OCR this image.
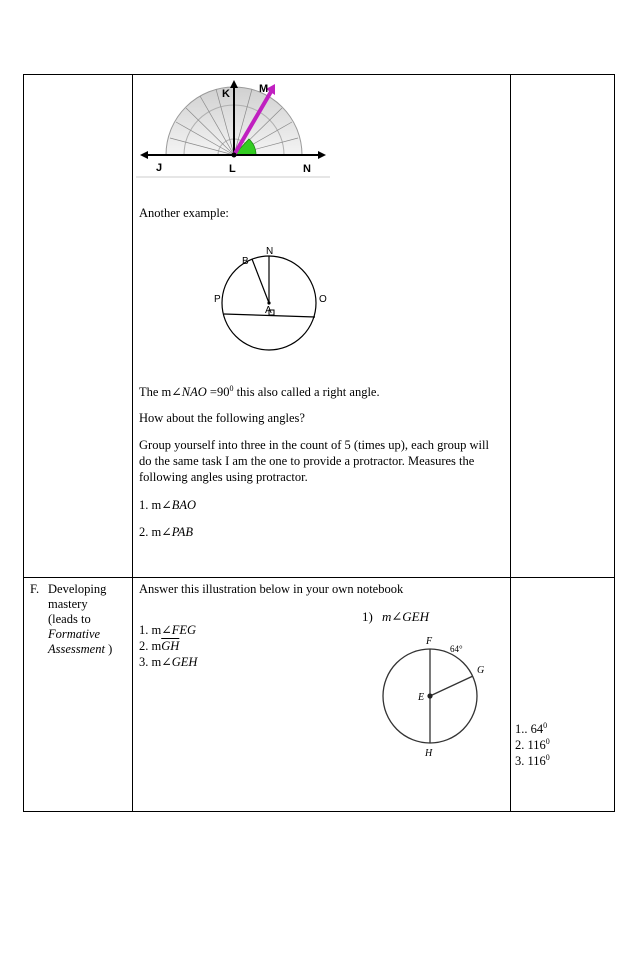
K	M
J	L	N
Another example:
N
B
P	O
A
The m∠NAO $=90^0$ this also called a right angle.
How about the following angles?
Group yourself into three in the count of 5 (times up), each group will do the same task I am the one to provide a protractor. Measures the following angles using protractor.
1. m∠BAO
2. m∠PAB
F. Developing
mastery
(leads to
Formative
Assessment )
Answer this illustration below in your own notebook
1. m∠FEG
2. $m\overline{GH}$
3. m∠GEH
1) m∠GEH
F
64°
G
E
H
1.. $64^0$
2. $116^0$
3. $116^0$
